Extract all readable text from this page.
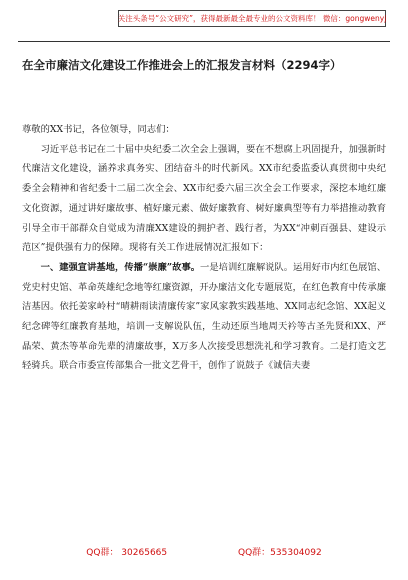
关注头条号“公文研究”，获得最新最全最专业的公文资料库！ 微信：gongwenyj
在全市廉洁文化建设工作推进会上的汇报发言材料（2294字）

尊敬的XX书记，各位领导，同志们：

习近平总书记在二十届中央纪委二次全会上强调，要在不想腐上巩固提升，加强新时代廉洁文化建设，涵养求真务实、团结奋斗的时代新风。XX市纪委监委认真贯彻中央纪委全会精神和省纪委十二届二次全会、XX市纪委六届三次全会工作要求，深挖本地红廉文化资源，通过讲好廉故事、植好廉元素、做好廉教育、树好廉典型等有力举措推动教育引导全市干部群众自觉成为清廉XX建设的拥护者、践行者，为XX“冲刺百强县、建设示范区”提供强有力的保障。现将有关工作进展情况汇报如下：

一、建强宣讲基地，传播“崇廉”故事。一是培训红廉解说队。运用好市内红色展馆、党史村史馆、革命英雄纪念地等红廉资源，开办廉洁文化专题展览，在红色教育中传承廉洁基因。依托姜家岭村“晴耕雨读清廉传家”家风家教实践基地、XX同志纪念馆、XX起义纪念碑等红廉教育基地，培训一支解说队伍，生动还原当地周天衿等古圣先贤和XX、严晶荣、黄杰等革命先辈的清廉故事，X万多人次接受思想洗礼和学习教育。二是打造文艺轻骑兵。联合市委宣传部集合一批文艺骨干，创作了说鼓子《诚信夫妻

QQ群： 30265665	QQ群：535304092
